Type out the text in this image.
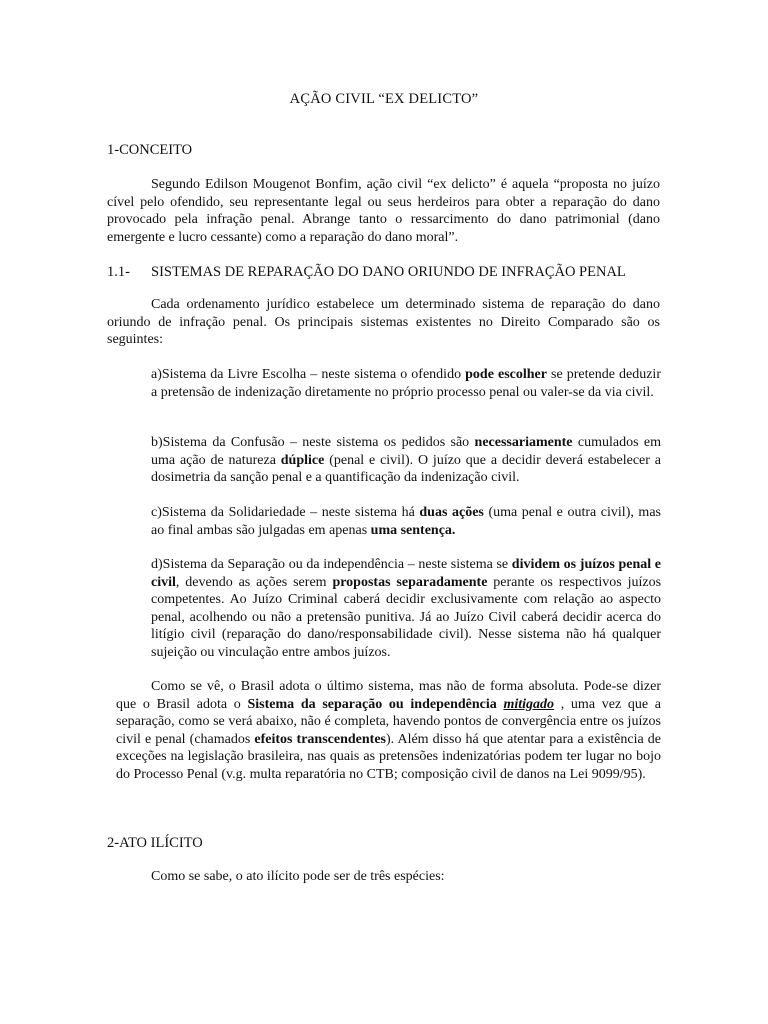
AÇÃO CIVIL “EX DELICTO”
1-CONCEITO

Segundo Edilson Mougenot Bonfim, ação civil “ex delicto” é aquela “proposta no juízo cível pelo ofendido, seu representante legal ou seus herdeiros para obter a reparação do dano provocado pela infração penal. Abrange tanto o ressarcimento do dano patrimonial (dano emergente e lucro cessante) como a reparação do dano moral”.

1.1- SISTEMAS DE REPARAÇÃO DO DANO ORIUNDO DE INFRAÇÃO PENAL

Cada ordenamento jurídico estabelece um determinado sistema de reparação do dano oriundo de infração penal. Os principais sistemas existentes no Direito Comparado são os seguintes:

a)Sistema da Livre Escolha – neste sistema o ofendido pode escolher se pretende deduzir a pretensão de indenização diretamente no próprio processo penal ou valer-se da via civil.

b)Sistema da Confusão – neste sistema os pedidos são necessariamente cumulados em uma ação de natureza dúplice (penal e civil). O juízo que a decidir deverá estabelecer a dosimetria da sanção penal e a quantificação da indenização civil.

c)Sistema da Solidariedade – neste sistema há duas ações (uma penal e outra civil), mas ao final ambas são julgadas em apenas uma sentença.

d)Sistema da Separação ou da independência – neste sistema se dividem os juízos penal e civil, devendo as ações serem propostas separadamente perante os respectivos juízos competentes. Ao Juízo Criminal caberá decidir exclusivamente com relação ao aspecto penal, acolhendo ou não a pretensão punitiva. Já ao Juízo Civil caberá decidir acerca do litígio civil (reparação do dano/responsabilidade civil). Nesse sistema não há qualquer sujeição ou vinculação entre ambos juízos.

Como se vê, o Brasil adota o último sistema, mas não de forma absoluta. Pode-se dizer que o Brasil adota o Sistema da separação ou independência mitigado , uma vez que a separação, como se verá abaixo, não é completa, havendo pontos de convergência entre os juízos civil e penal (chamados efeitos transcendentes). Além disso há que atentar para a existência de exceções na legislação brasileira, nas quais as pretensões indenizatórias podem ter lugar no bojo do Processo Penal (v.g. multa reparatória no CTB; composição civil de danos na Lei 9099/95).

2-ATO ILÍCITO

Como se sabe, o ato ilícito pode ser de três espécies:
